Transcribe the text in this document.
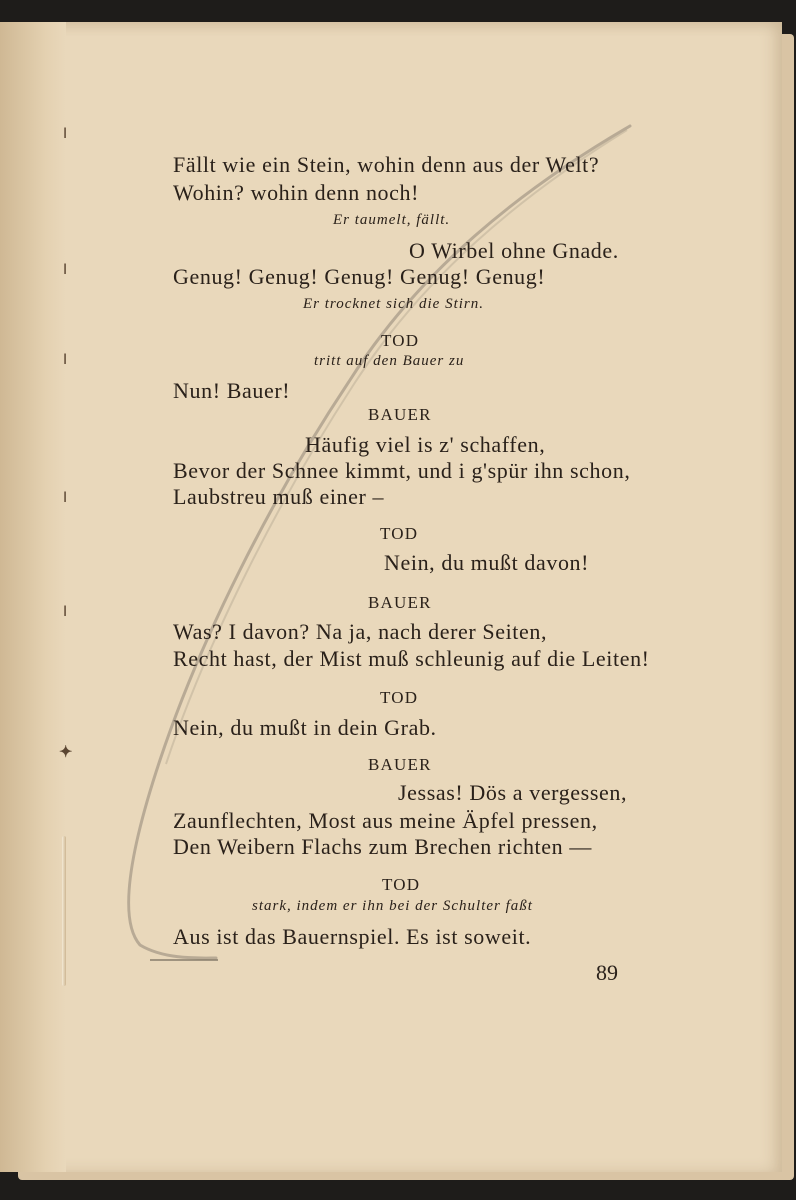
ǀ
ǀ
ǀ
ǀ
ǀ
✦
Fällt wie ein Stein, wohin denn aus der Welt?
Wohin? wohin denn noch!
Er taumelt, fällt.
O Wirbel ohne Gnade.
Genug! Genug! Genug! Genug! Genug!
Er trocknet sich die Stirn.
TOD
tritt auf den Bauer zu
Nun! Bauer!
BAUER
Häufig viel is z' schaffen,
Bevor der Schnee kimmt, und i g'spür ihn schon,
Laubstreu muß einer –
TOD
Nein, du mußt davon!
BAUER
Was? I davon? Na ja, nach derer Seiten,
Recht hast, der Mist muß schleunig auf die Leiten!
TOD
Nein, du mußt in dein Grab.
BAUER
Jessas! Dös a vergessen,
Zaunflechten, Most aus meine Äpfel pressen,
Den Weibern Flachs zum Brechen richten —
TOD
stark, indem er ihn bei der Schulter faßt
Aus ist das Bauernspiel. Es ist soweit.
89
